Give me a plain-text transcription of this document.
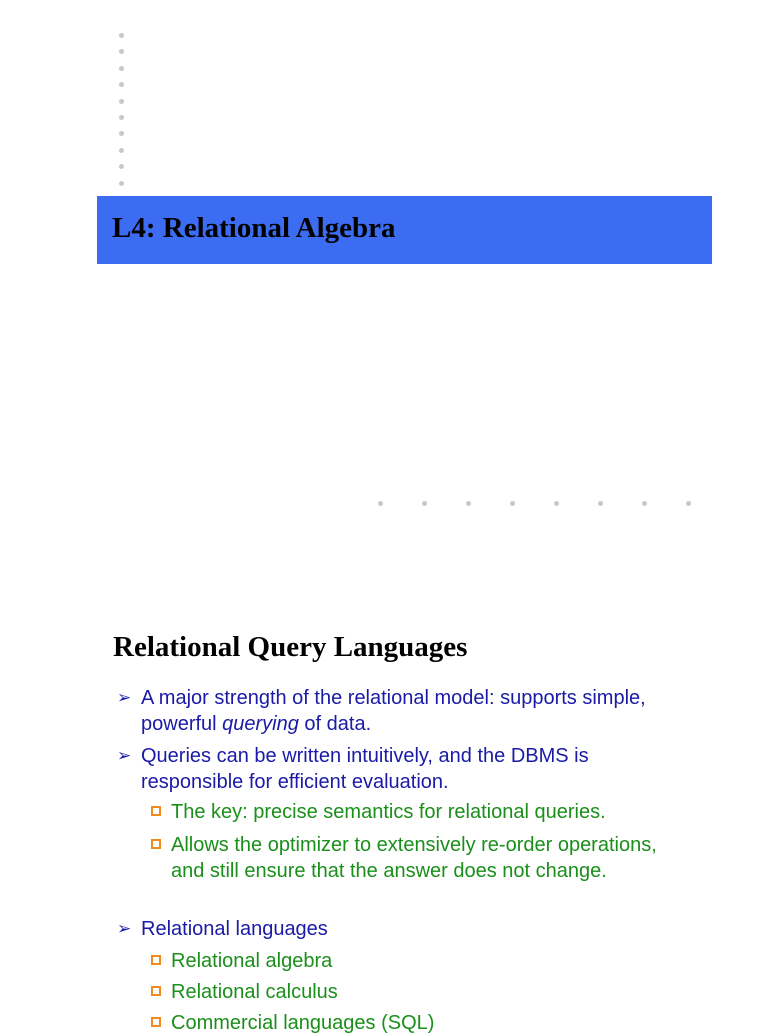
L4: Relational Algebra
Relational Query Languages
➢ A major strength of the relational model: supports simple, powerful querying of data.
➢ Queries can be written intuitively, and the DBMS is responsible for efficient evaluation.
The key: precise semantics for relational queries.
Allows the optimizer to extensively re-order operations, and still ensure that the answer does not change.
➢ Relational languages
Relational algebra
Relational calculus
Commercial languages (SQL)
